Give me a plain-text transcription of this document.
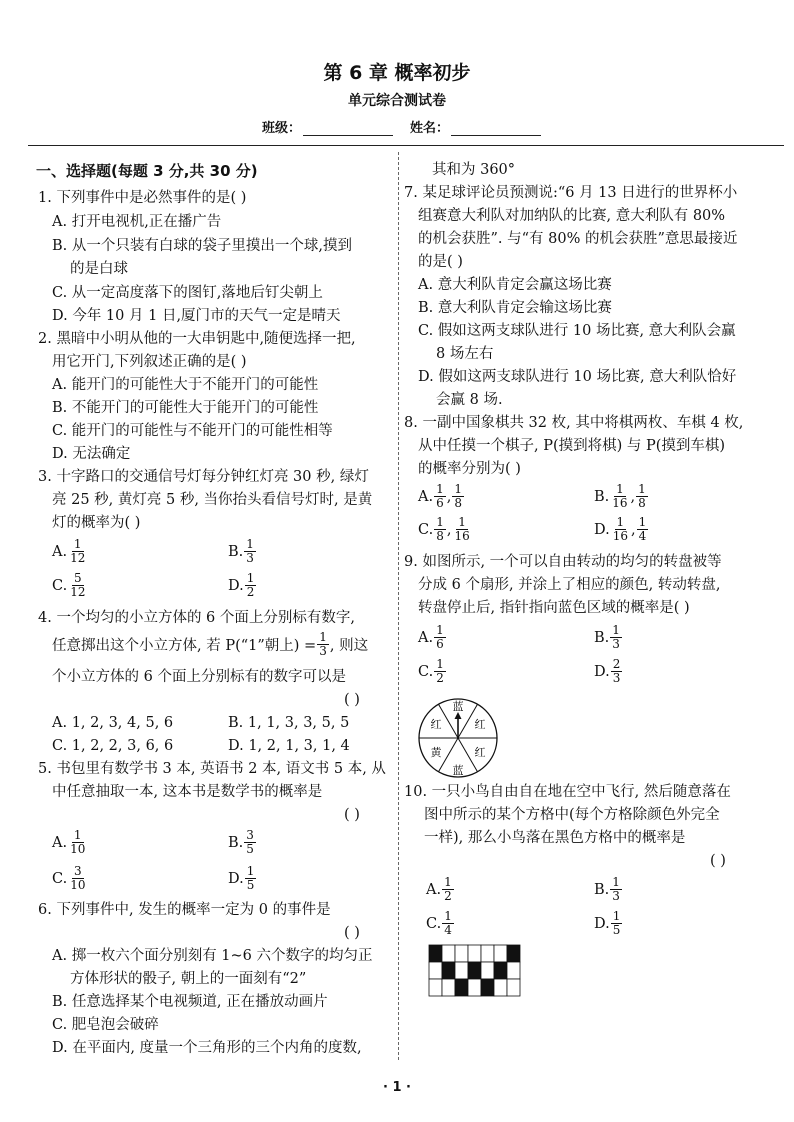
第 6 章 概率初步
单元综合测试卷
班级：	姓名：
一、选择题(每题 3 分,共 30 分)
1. 下列事件中是必然事件的是( )
A. 打开电视机,正在播广告
B. 从一个只装有白球的袋子里摸出一个球,摸到
的是白球
C. 从一定高度落下的图钉,落地后钉尖朝上
D. 今年 10 月 1 日,厦门市的天气一定是晴天
2. 黑暗中小明从他的一大串钥匙中,随便选择一把,
用它开门,下列叙述正确的是( )
A. 能开门的可能性大于不能开门的可能性
B. 不能开门的可能性大于能开门的可能性
C. 能开门的可能性与不能开门的可能性相等
D. 无法确定
3. 十字路口的交通信号灯每分钟红灯亮 30 秒, 绿灯
亮 25 秒, 黄灯亮 5 秒, 当你抬头看信号灯时, 是黄
灯的概率为( )
A. $\frac{1}{12}$	B. $\frac{1}{3}$
C. $\frac{5}{12}$	D. $\frac{1}{2}$
4. 一个均匀的小立方体的 6 个面上分别标有数字,
任意掷出这个小立方体, 若 P(“1”朝上) = $\frac{1}{3}$ , 则这
个小立方体的 6 个面上分别标有的数字可以是
( )
A. 1, 2, 3, 4, 5, 6	B. 1, 1, 3, 3, 5, 5
C. 1, 2, 2, 3, 6, 6	D. 1, 2, 1, 3, 1, 4
5. 书包里有数学书 3 本, 英语书 2 本, 语文书 5 本, 从
中任意抽取一本, 这本书是数学书的概率是
( )
A. $\frac{1}{10}$	B. $\frac{3}{5}$
C. $\frac{3}{10}$	D. $\frac{1}{5}$
6. 下列事件中, 发生的概率一定为 0 的事件是
( )
A. 掷一枚六个面分别刻有 1~6 六个数字的均匀正
方体形状的骰子, 朝上的一面刻有“2”
B. 任意选择某个电视频道, 正在播放动画片
C. 肥皂泡会破碎
D. 在平面内, 度量一个三角形的三个内角的度数,
其和为 360°
7. 某足球评论员预测说:“6 月 13 日进行的世界杯小
组赛意大利队对加纳队的比赛, 意大利队有 80%
的机会获胜”. 与“有 80% 的机会获胜”意思最接近
的是( )
A. 意大利队肯定会赢这场比赛
B. 意大利队肯定会输这场比赛
C. 假如这两支球队进行 10 场比赛, 意大利队会赢
8 场左右
D. 假如这两支球队进行 10 场比赛, 意大利队恰好
会赢 8 场.
8. 一副中国象棋共 32 枚, 其中将棋两枚、车棋 4 枚,
从中任摸一个棋子, P(摸到将棋) 与 P(摸到车棋)
的概率分别为( )
A. $\frac{1}{6}$ , $\frac{1}{8}$	B. $\frac{1}{16}$ , $\frac{1}{8}$
C. $\frac{1}{8}$ , $\frac{1}{16}$	D. $\frac{1}{16}$ , $\frac{1}{4}$
9. 如图所示, 一个可以自由转动的均匀的转盘被等
分成 6 个扇形, 并涂上了相应的颜色, 转动转盘,
转盘停止后, 指针指向蓝色区域的概率是( )
A. $\frac{1}{6}$	B. $\frac{1}{3}$
C. $\frac{1}{2}$	D. $\frac{2}{3}$
蓝
红
红
蓝
黄
红
10. 一只小鸟自由自在地在空中飞行, 然后随意落在
图中所示的某个方格中(每个方格除颜色外完全
一样), 那么小鸟落在黑色方格中的概率是
( )
A. $\frac{1}{2}$	B. $\frac{1}{3}$
C. $\frac{1}{4}$	D. $\frac{1}{5}$
· 1 ·
